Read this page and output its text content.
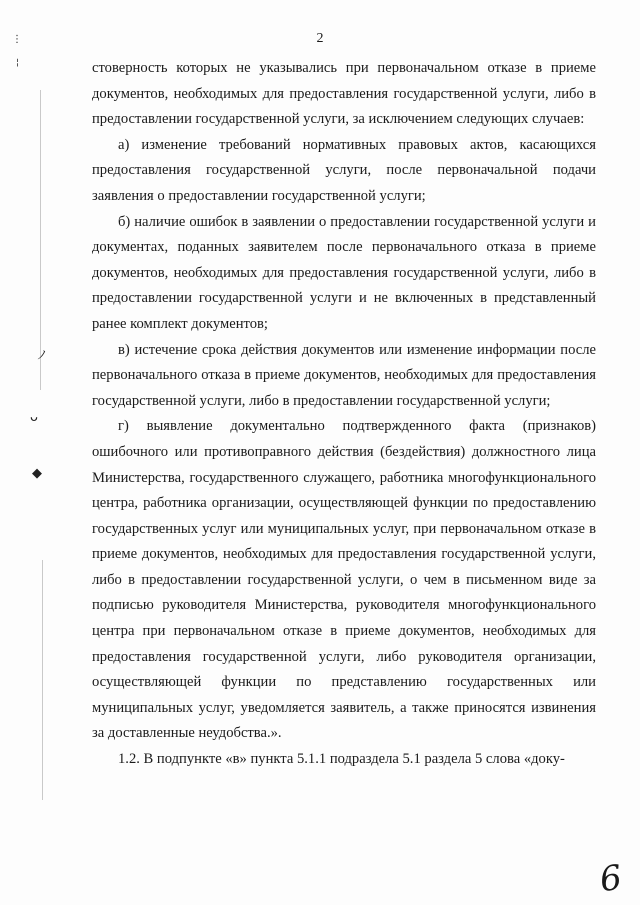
⋮
¦
ノ
ᴗ
◆
2

стоверность которых не указывались при первоначальном отказе в приеме документов, необходимых для предоставления государственной услуги, либо в предоставлении государственной услуги, за исключением следующих случаев:

а) изменение требований нормативных правовых актов, касающихся предоставления государственной услуги, после первоначальной подачи заявления о предоставлении государственной услуги;

б) наличие ошибок в заявлении о предоставлении государственной услуги и документах, поданных заявителем после первоначального отказа в приеме документов, необходимых для предоставления государственной услуги, либо в предоставлении государственной услуги и не включенных в представленный ранее комплект документов;

в) истечение срока действия документов или изменение информации после первоначального отказа в приеме документов, необходимых для предоставления государственной услуги, либо в предоставлении государственной услуги;

г) выявление документально подтвержденного факта (признаков) ошибочного или противоправного действия (бездействия) должностного лица Министерства, государственного служащего, работника многофункционального центра, работника организации, осуществляющей функции по предоставлению государственных услуг или муниципальных услуг, при первоначальном отказе в приеме документов, необходимых для предоставления государственной услуги, либо в предоставлении государственной услуги, о чем в письменном виде за подписью руководителя Министерства, руководителя многофункционального центра при первоначальном отказе в приеме документов, необходимых для предоставления государственной услуги, либо руководителя организации, осуществляющей функции по представлению государственных или муниципальных услуг, уведомляется заявитель, а также приносятся извинения за доставленные неудобства.».

1.2. В подпункте «в» пункта 5.1.1 подраздела 5.1 раздела 5 слова «доку-

6
